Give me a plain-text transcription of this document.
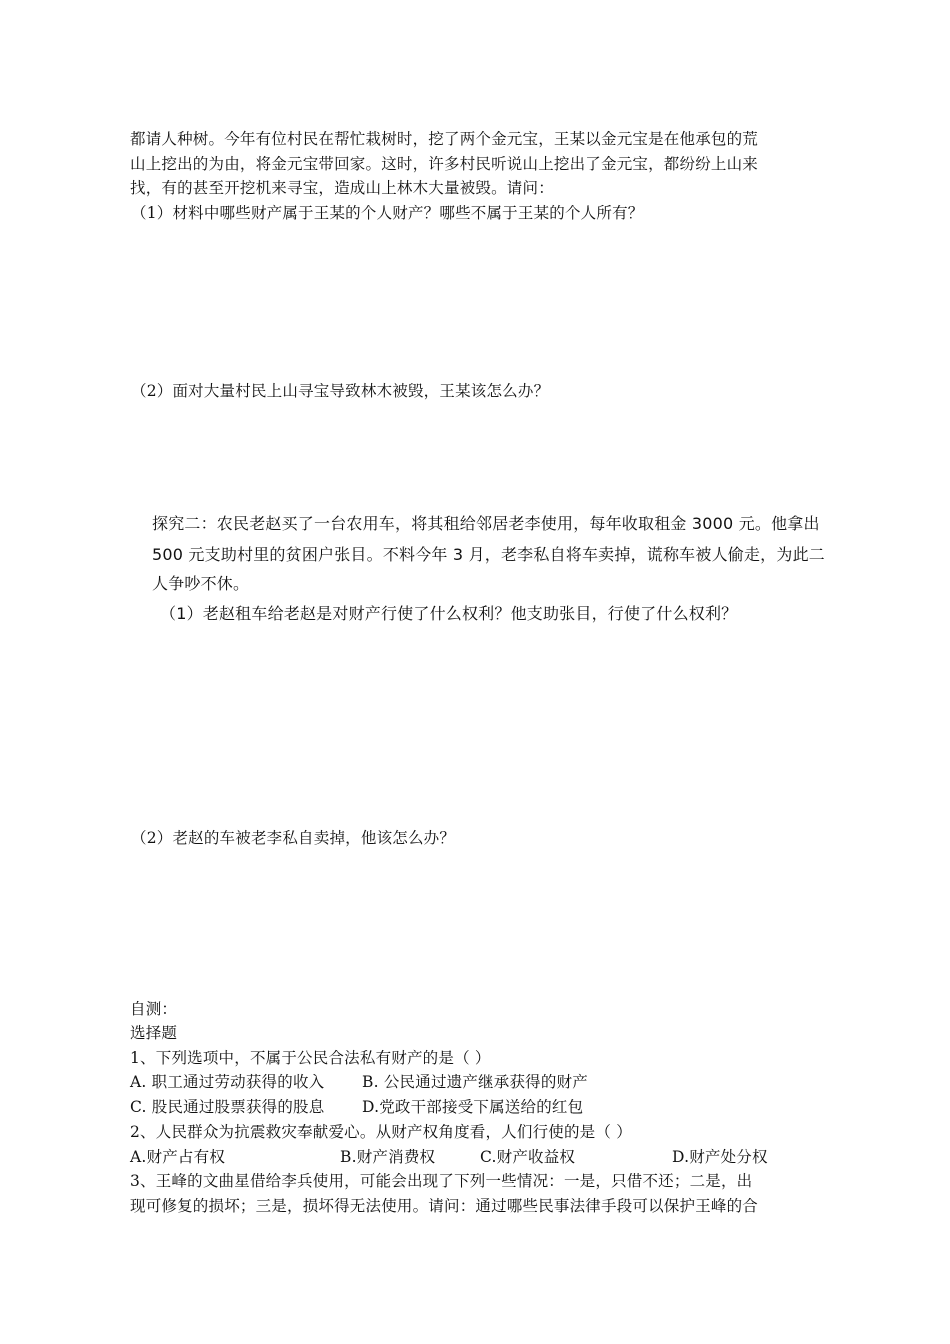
都请人种树。今年有位村民在帮忙栽树时，挖了两个金元宝，王某以金元宝是在他承包的荒
山上挖出的为由，将金元宝带回家。这时，许多村民听说山上挖出了金元宝，都纷纷上山来
找，有的甚至开挖机来寻宝，造成山上林木大量被毁。请问：
（1）材料中哪些财产属于王某的个人财产？哪些不属于王某的个人所有？
（2）面对大量村民上山寻宝导致林木被毁，王某该怎么办？
探究二：农民老赵买了一台农用车，将其租给邻居老李使用，每年收取租金 3000 元。他拿出
500 元支助村里的贫困户张目。不料今年 3 月，老李私自将车卖掉，谎称车被人偷走，为此二
人争吵不休。
（1）老赵租车给老赵是对财产行使了什么权利？他支助张目，行使了什么权利？
（2）老赵的车被老李私自卖掉，他该怎么办？
自测：
选择题
1、下列选项中，不属于公民合法私有财产的是（ ）
A. 职工通过劳动获得的收入 B. 公民通过遗产继承获得的财产
C. 股民通过股票获得的股息 D.党政干部接受下属送给的红包
2、人民群众为抗震救灾奉献爱心。从财产权角度看，人们行使的是（ ）
A.财产占有权	B.财产消费权	C.财产收益权	D.财产处分权
3、王峰的文曲星借给李兵使用，可能会出现了下列一些情况：一是，只借不还；二是，出
现可修复的损坏；三是，损坏得无法使用。请问：通过哪些民事法律手段可以保护王峰的合
